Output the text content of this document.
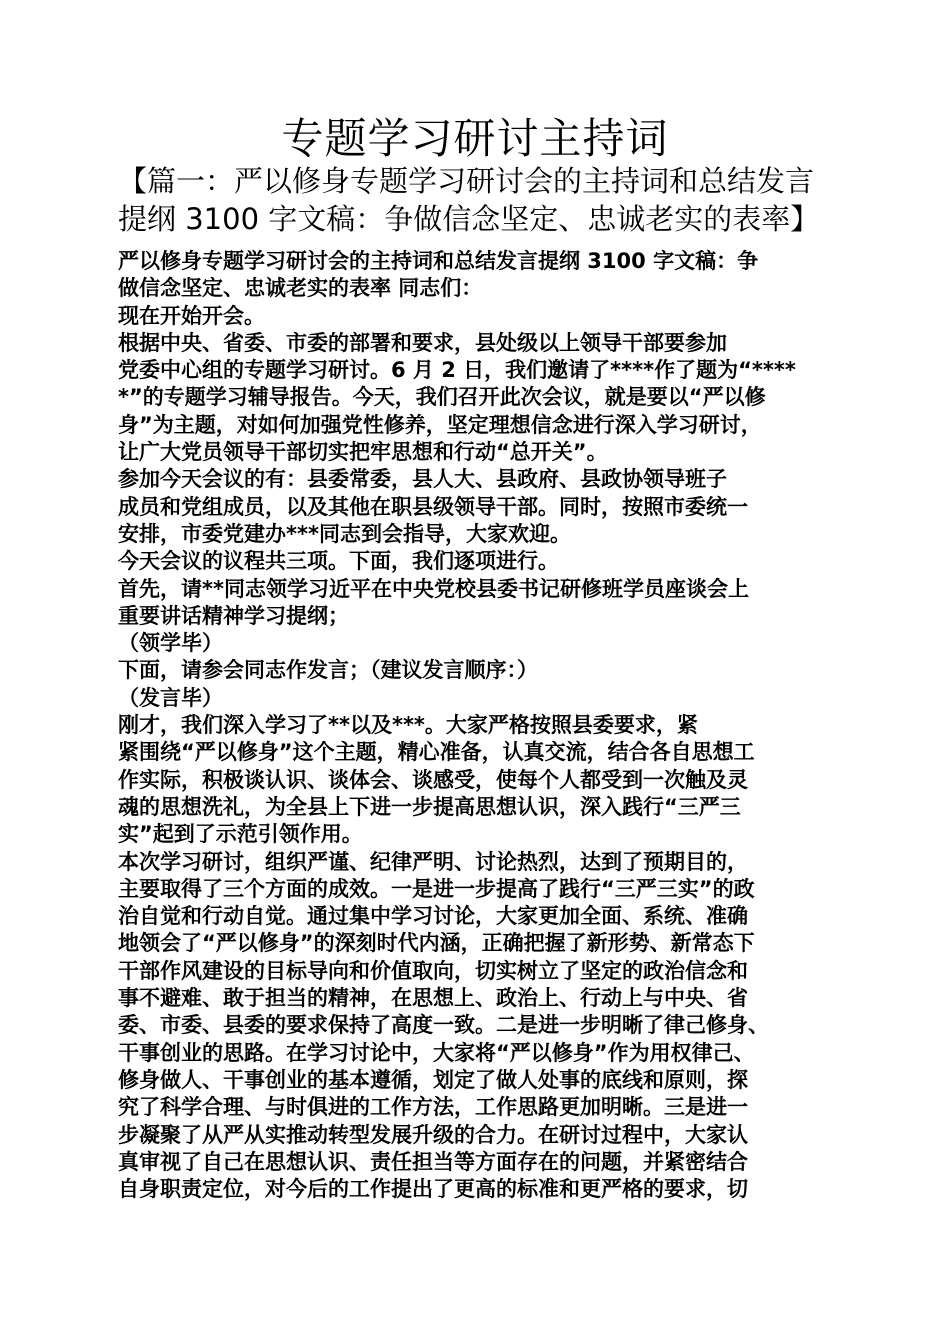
专题学习研讨主持词
【篇一：严以修身专题学习研讨会的主持词和总结发言
提纲 3100 字文稿：争做信念坚定、忠诚老实的表率】
严以修身专题学习研讨会的主持词和总结发言提纲 3100 字文稿：争
做信念坚定、忠诚老实的表率 同志们：
现在开始开会。
根据中央、省委、市委的部署和要求，县处级以上领导干部要参加
党委中心组的专题学习研讨。6 月 2 日，我们邀请了****作了题为“****
*”的专题学习辅导报告。今天，我们召开此次会议，就是要以“严以修
身”为主题，对如何加强党性修养，坚定理想信念进行深入学习研讨，
让广大党员领导干部切实把牢思想和行动“总开关”。
参加今天会议的有：县委常委，县人大、县政府、县政协领导班子
成员和党组成员，以及其他在职县级领导干部。同时，按照市委统一
安排，市委党建办***同志到会指导，大家欢迎。
今天会议的议程共三项。下面，我们逐项进行。
首先，请**同志领学习近平在中央党校县委书记研修班学员座谈会上
重要讲话精神学习提纲；
（领学毕）
下面，请参会同志作发言；（建议发言顺序：）
（发言毕）
刚才，我们深入学习了**以及***。大家严格按照县委要求，紧
紧围绕“严以修身”这个主题，精心准备，认真交流，结合各自思想工
作实际，积极谈认识、谈体会、谈感受，使每个人都受到一次触及灵
魂的思想洗礼，为全县上下进一步提高思想认识，深入践行“三严三
实”起到了示范引领作用。
本次学习研讨，组织严谨、纪律严明、讨论热烈，达到了预期目的，
主要取得了三个方面的成效。一是进一步提高了践行“三严三实”的政
治自觉和行动自觉。通过集中学习讨论，大家更加全面、系统、准确
地领会了“严以修身”的深刻时代内涵，正确把握了新形势、新常态下
干部作风建设的目标导向和价值取向，切实树立了坚定的政治信念和
事不避难、敢于担当的精神，在思想上、政治上、行动上与中央、省
委、市委、县委的要求保持了高度一致。二是进一步明晰了律己修身、
干事创业的思路。在学习讨论中，大家将“严以修身”作为用权律己、
修身做人、干事创业的基本遵循，划定了做人处事的底线和原则，探
究了科学合理、与时俱进的工作方法，工作思路更加明晰。三是进一
步凝聚了从严从实推动转型发展升级的合力。在研讨过程中，大家认
真审视了自己在思想认识、责任担当等方面存在的问题，并紧密结合
自身职责定位，对今后的工作提出了更高的标准和更严格的要求，切
